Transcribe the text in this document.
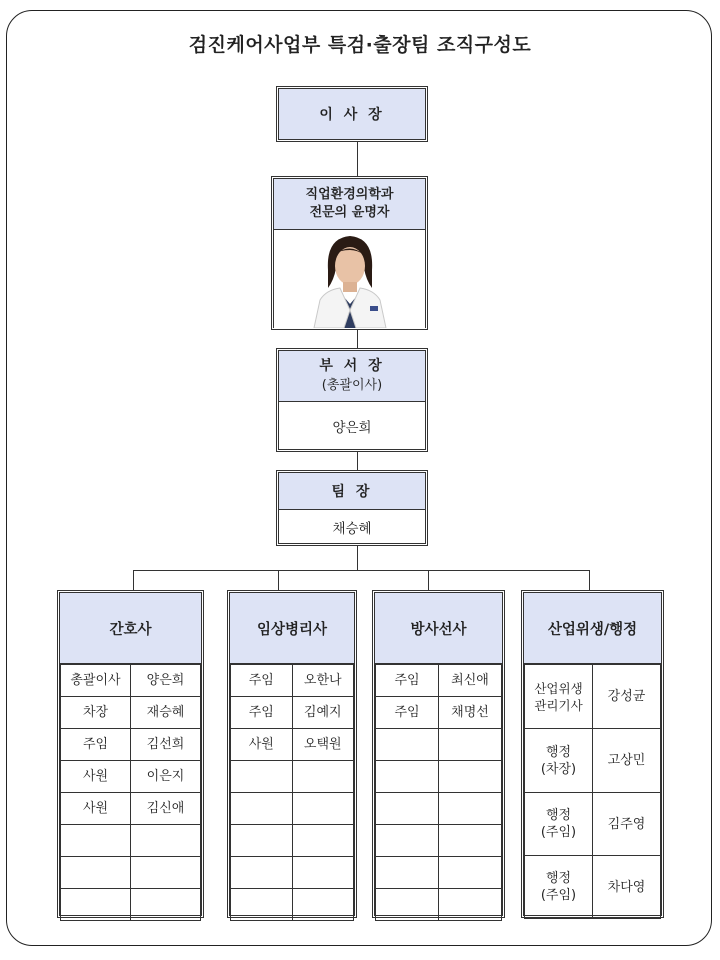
검진케어사업부 특검·출장팀 조직구성도
이 사 장
직업환경의학과
전문의 윤명자
부 서 장
(총괄이사)
양은희
팀 장
채승혜
간호사
총괄이사	양은희
차장	재승혜
주임	김선희
사원	이은지
사원	김신애

임상병리사
주임	오한나
주임	김예지
사원	오택원

방사선사
주임	최신애
주임	채명선

산업위생/행정
산업위생
관리기사	강성균
행정
(차장)	고상민
행정
(주임)	김주영
행정
(주임)	차다영
